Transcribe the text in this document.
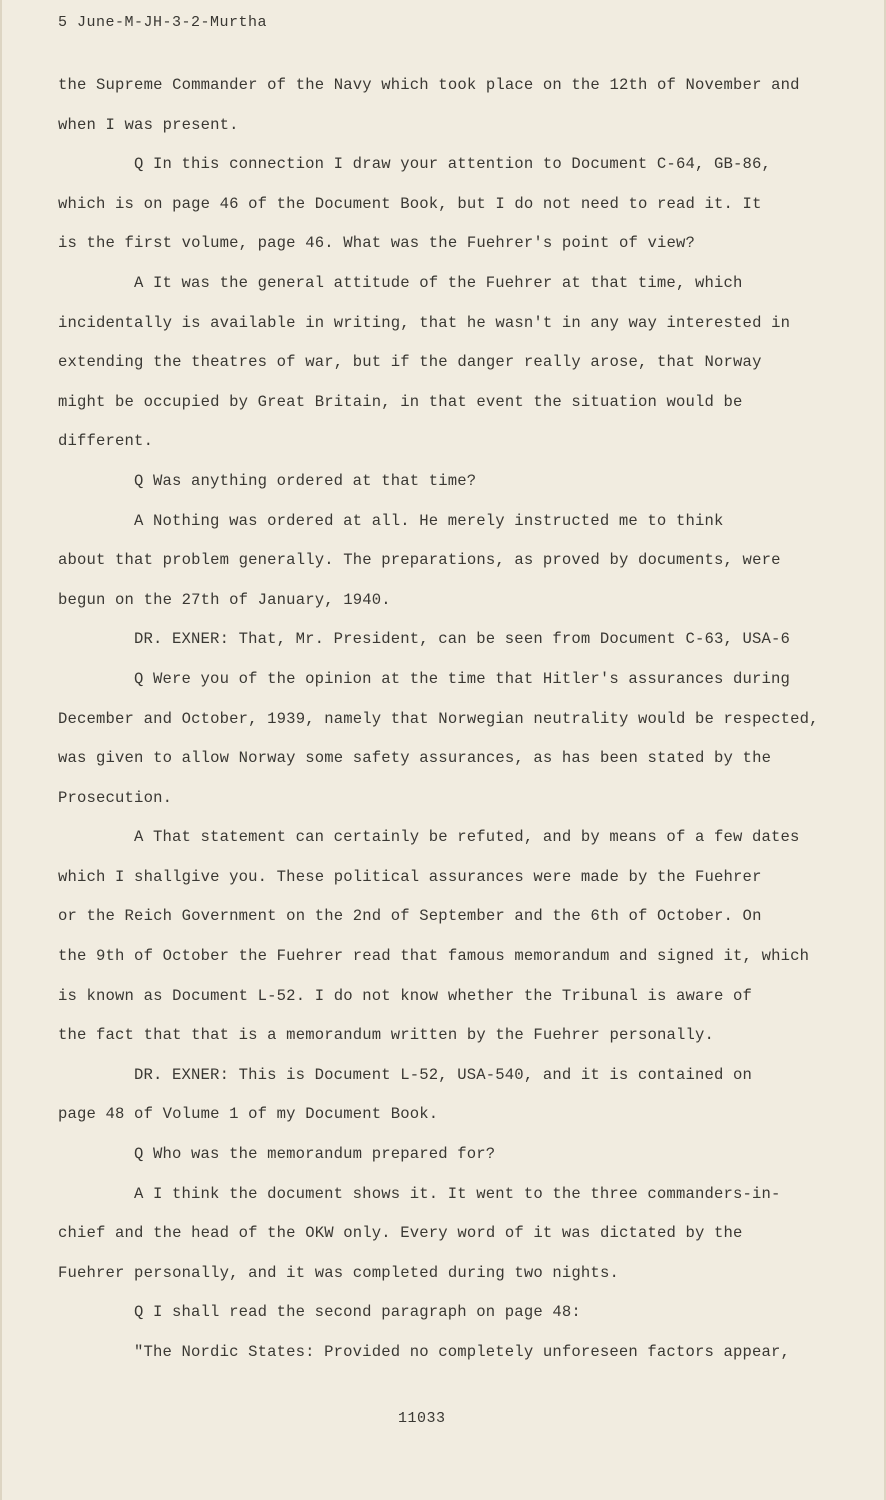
5 June-M-JH-3-2-Murtha
the Supreme Commander of the Navy which took place on the 12th of November and
when I was present.
Q In this connection I draw your attention to Document C-64, GB-86,
which is on page 46 of the Document Book, but I do not need to read it. It
is the first volume, page 46. What was the Fuehrer's point of view?
A It was the general attitude of the Fuehrer at that time, which
incidentally is available in writing, that he wasn't in any way interested in
extending the theatres of war, but if the danger really arose, that Norway
might be occupied by Great Britain, in that event the situation would be
different.
Q Was anything ordered at that time?
A Nothing was ordered at all. He merely instructed me to think
about that problem generally. The preparations, as proved by documents, were
begun on the 27th of January, 1940.
DR. EXNER: That, Mr. President, can be seen from Document C-63, USA-6
Q Were you of the opinion at the time that Hitler's assurances during
December and October, 1939, namely that Norwegian neutrality would be respected,
was given to allow Norway some safety assurances, as has been stated by the
Prosecution.
A That statement can certainly be refuted, and by means of a few dates
which I shallgive you. These political assurances were made by the Fuehrer
or the Reich Government on the 2nd of September and the 6th of October. On
the 9th of October the Fuehrer read that famous memorandum and signed it, which
is known as Document L-52. I do not know whether the Tribunal is aware of
the fact that that is a memorandum written by the Fuehrer personally.
DR. EXNER: This is Document L-52, USA-540, and it is contained on
page 48 of Volume 1 of my Document Book.
Q Who was the memorandum prepared for?
A I think the document shows it. It went to the three commanders-in-
chief and the head of the OKW only. Every word of it was dictated by the
Fuehrer personally, and it was completed during two nights.
Q I shall read the second paragraph on page 48:
"The Nordic States: Provided no completely unforeseen factors appear,
11033
